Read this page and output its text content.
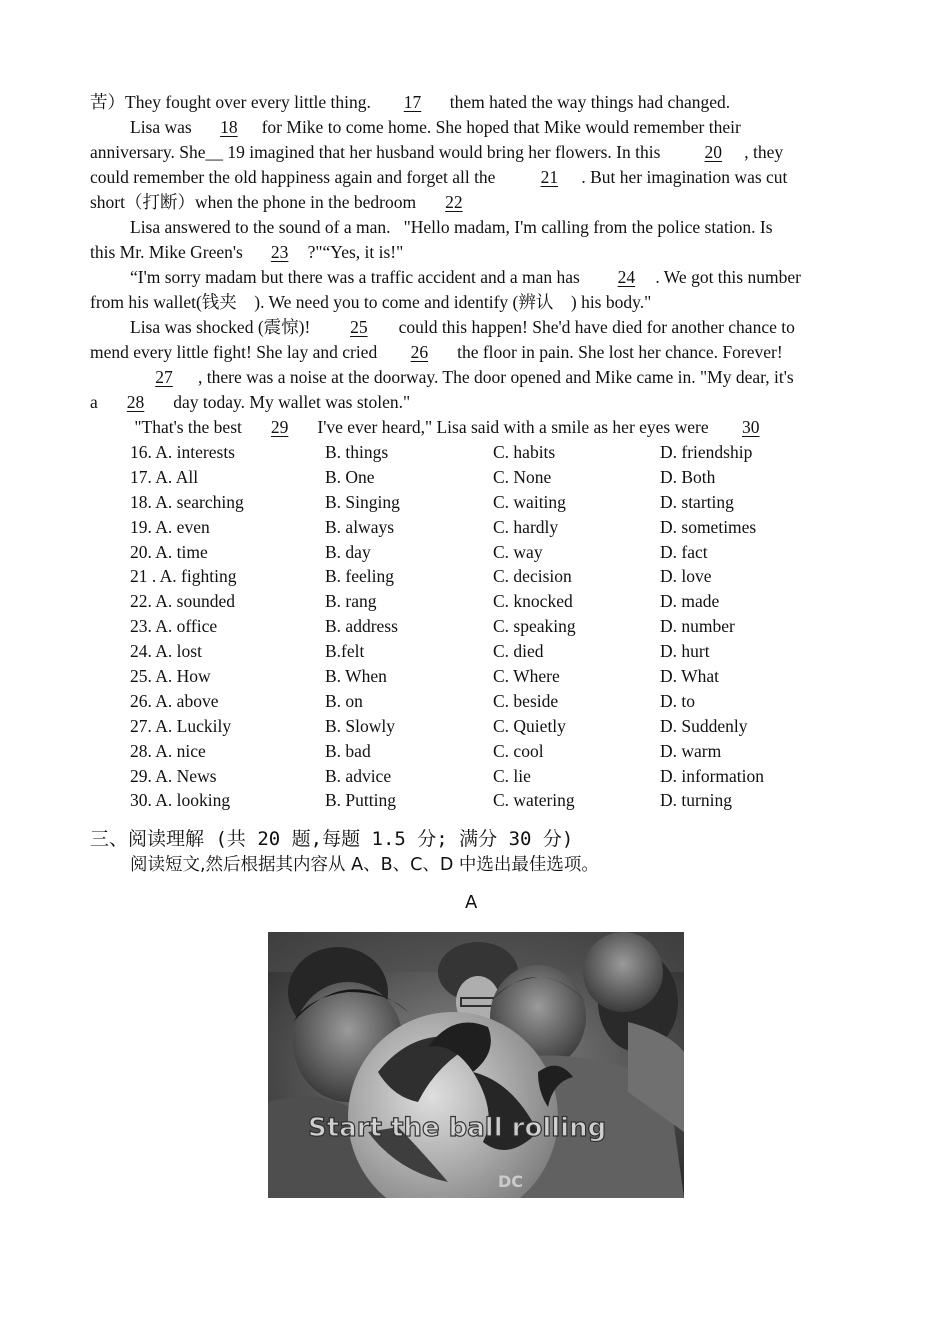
苦）They fought over every little thing.   17  them hated the way things had changed.
Lisa was   18  for Mike to come home. She hoped that Mike would remember their
anniversary. She__ 19 imagined that her husband would bring her flowers. In this     20 , they
could remember the old happiness again and forget all the     21 . But her imagination was cut
short（打断）when the phone in the bedroom  22
Lisa answered to the sound of a man.   "Hello madam, I'm calling from the police station. Is
this Mr. Mike Green's  23 ?"“Yes, it is!"
“I'm sorry madam but there was a traffic accident and a man has    24 . We got this number
from his wallet(钱夹    ). We need you to come and identify (辨认    ) his body."
Lisa was shocked (震惊)!    25  could this happen! She'd have died for another chance to
mend every little fight! She lay and cried   26  the floor in pain. She lost her chance. Forever!
27 , there was a noise at the doorway. The door opened and Mike came in. "My dear, it's
a  28  day today. My wallet was stolen."
"That's the best  29  I've ever heard," Lisa said with a smile as her eyes were   30
16. A. interests	B. things	C. habits	D. friendship
17. A. All	B. One	C. None	D. Both
18. A. searching	B. Singing	C. waiting	D. starting
19. A. even	B. always	C. hardly	D. sometimes
20. A. time	B. day	C. way	D. fact
21 . A. fighting	B. feeling	C. decision	D. love
22. A. sounded	B. rang	C. knocked	D. made
23. A. office	B. address	C. speaking	D. number
24. A. lost	B.felt	C. died	D. hurt
25. A. How	B. When	C. Where	D. What
26. A. above	B. on	C. beside	D. to
27. A. Luckily	B. Slowly	C. Quietly	D. Suddenly
28. A. nice	B. bad	C. cool	D. warm
29. A. News	B. advice	C. lie	D. information
30. A. looking	B. Putting	C. watering	D. turning
三、阅读理解 (共 20 题,每题 1.5 分; 满分 30 分)
阅读短文,然后根据其内容从 A、B、C、D 中选出最佳选项。
A
DC
Start the ball rolling
